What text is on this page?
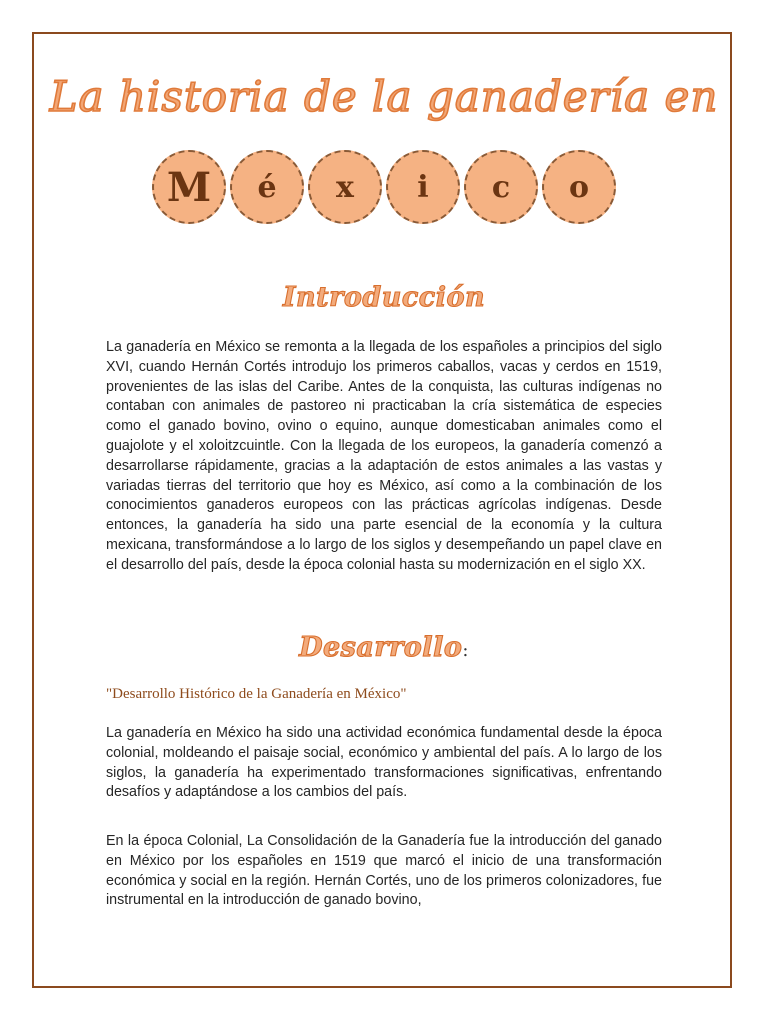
La historia de la ganadería en
M	é	x	i	c	o
Introducción

La ganadería en México se remonta a la llegada de los españoles a principios del siglo XVI, cuando Hernán Cortés introdujo los primeros caballos, vacas y cerdos en 1519, provenientes de las islas del Caribe. Antes de la conquista, las culturas indígenas no contaban con animales de pastoreo ni practicaban la cría sistemática de especies como el ganado bovino, ovino o equino, aunque domesticaban animales como el guajolote y el xoloitzcuintle. Con la llegada de los europeos, la ganadería comenzó a desarrollarse rápidamente, gracias a la adaptación de estos animales a las vastas y variadas tierras del territorio que hoy es México, así como a la combinación de los conocimientos ganaderos europeos con las prácticas agrícolas indígenas. Desde entonces, la ganadería ha sido una parte esencial de la economía y la cultura mexicana, transformándose a lo largo de los siglos y desempeñando un papel clave en el desarrollo del país, desde la época colonial hasta su modernización en el siglo XX.

Desarrollo:
"Desarrollo Histórico de la Ganadería en México"

La ganadería en México ha sido una actividad económica fundamental desde la época colonial, moldeando el paisaje social, económico y ambiental del país. A lo largo de los siglos, la ganadería ha experimentado transformaciones significativas, enfrentando desafíos y adaptándose a los cambios del país.

En la época Colonial, La Consolidación de la Ganadería fue la introducción del ganado en México por los españoles en 1519 que marcó el inicio de una transformación económica y social en la región. Hernán Cortés, uno de los primeros colonizadores, fue instrumental en la introducción de ganado bovino,
